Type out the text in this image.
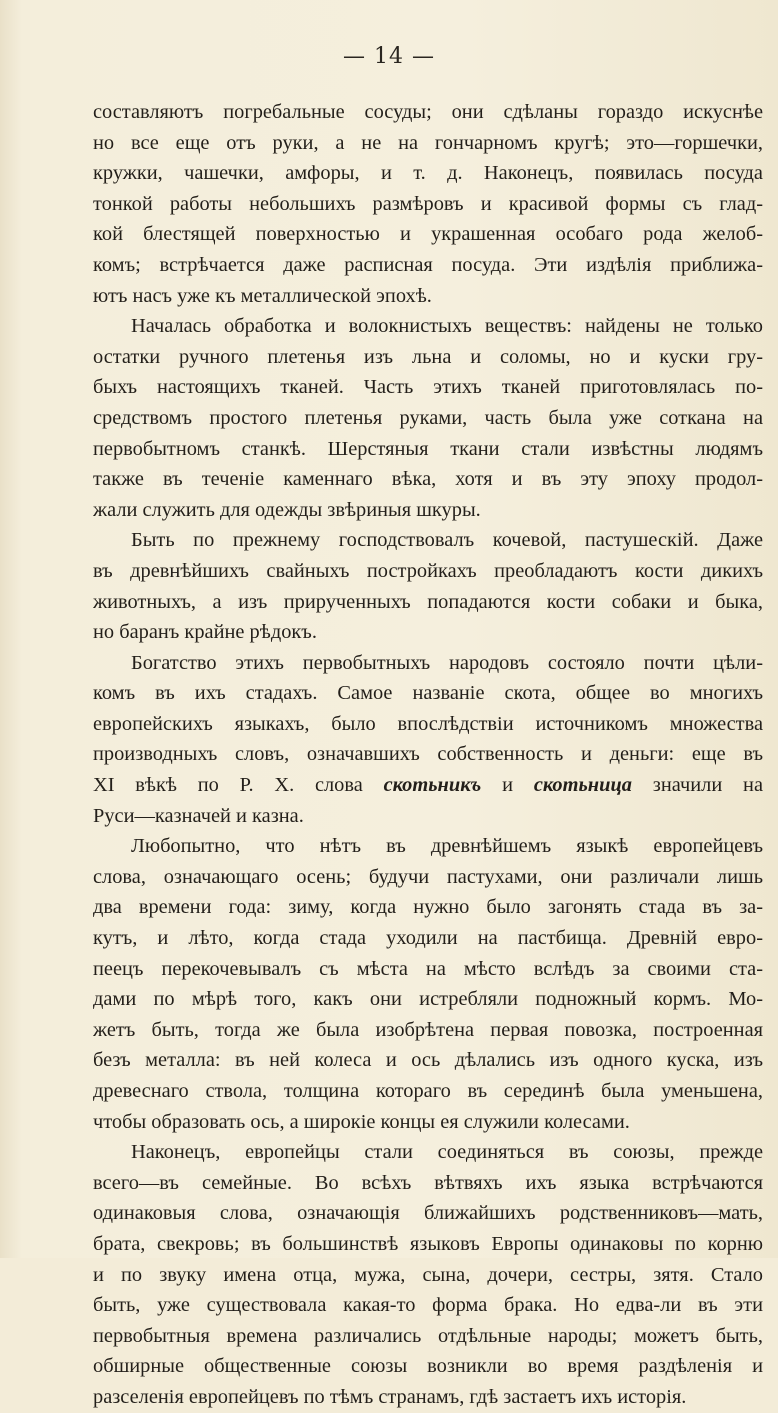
— 14 —
составляютъ погребальные сосуды; они сдѣланы гораздо искуснѣе
но все еще отъ руки, а не на гончарномъ кругѣ; это—горшечки,
кружки, чашечки, амфоры, и т. д. Наконецъ, появилась посуда
тонкой работы небольшихъ размѣровъ и красивой формы съ глад-
кой блестящей поверхностью и украшенная особаго рода желоб-
комъ; встрѣчается даже расписная посуда. Эти издѣлія приближа-
ютъ насъ уже къ металлической эпохѣ.
Началась обработка и волокнистыхъ веществъ: найдены не только
остатки ручного плетенья изъ льна и соломы, но и куски гру-
быхъ настоящихъ тканей. Часть этихъ тканей приготовлялась по-
средствомъ простого плетенья руками, часть была уже соткана на
первобытномъ станкѣ. Шерстяныя ткани стали извѣстны людямъ
также въ теченіе каменнаго вѣка, хотя и въ эту эпоху продол-
жали служить для одежды звѣриныя шкуры.
Быть по прежнему господствовалъ кочевой, пастушескій. Даже
въ древнѣйшихъ свайныхъ постройкахъ преобладаютъ кости дикихъ
животныхъ, а изъ прирученныхъ попадаются кости собаки и быка,
но баранъ крайне рѣдокъ.
Богатство этихъ первобытныхъ народовъ состояло почти цѣли-
комъ въ ихъ стадахъ. Самое названіе скота, общее во многихъ
европейскихъ языкахъ, было впослѣдствіи источникомъ множества
производныхъ словъ, означавшихъ собственность и деньги: еще въ
XI вѣкѣ по Р. Х. слова скотьникъ и скотьница значили на
Руси—казначей и казна.
Любопытно, что нѣтъ въ древнѣйшемъ языкѣ европейцевъ
слова, означающаго осень; будучи пастухами, они различали лишь
два времени года: зиму, когда нужно было загонять стада въ за-
кутъ, и лѣто, когда стада уходили на пастбища. Древній евро-
пеецъ перекочевывалъ съ мѣста на мѣсто вслѣдъ за своими ста-
дами по мѣрѣ того, какъ они истребляли подножный кормъ. Мо-
жетъ быть, тогда же была изобрѣтена первая повозка, построенная
безъ металла: въ ней колеса и ось дѣлались изъ одного куска, изъ
древеснаго ствола, толщина котораго въ серединѣ была уменьшена,
чтобы образовать ось, а широкіе концы ея служили колесами.
Наконецъ, европейцы стали соединяться въ союзы, прежде
всего—въ семейные. Во всѣхъ вѣтвяхъ ихъ языка встрѣчаются
одинаковыя слова, означающія ближайшихъ родственниковъ—мать,
брата, свекровь; въ большинствѣ языковъ Европы одинаковы по корню
и по звуку имена отца, мужа, сына, дочери, сестры, зятя. Стало
быть, уже существовала какая-то форма брака. Но едва-ли въ эти
первобытныя времена различались отдѣльные народы; можетъ быть,
обширные общественные союзы возникли во время раздѣленія и
разселенія европейцевъ по тѣмъ странамъ, гдѣ застаетъ ихъ исторія.
